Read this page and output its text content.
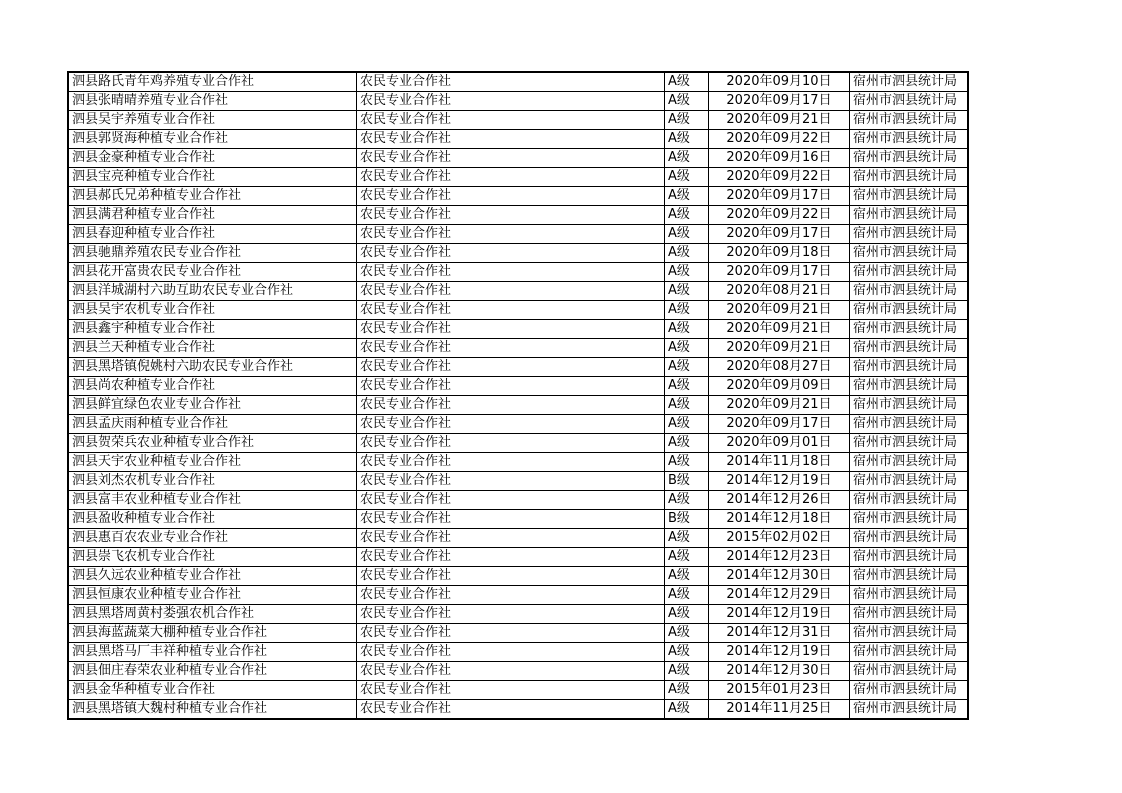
泗县路氏青年鸡养殖专业合作社	农民专业合作社	A级	2020年09月10日	宿州市泗县统计局
泗县张晴晴养殖专业合作社	农民专业合作社	A级	2020年09月17日	宿州市泗县统计局
泗县吴宇养殖专业合作社	农民专业合作社	A级	2020年09月21日	宿州市泗县统计局
泗县郭贤海种植专业合作社	农民专业合作社	A级	2020年09月22日	宿州市泗县统计局
泗县金豪种植专业合作社	农民专业合作社	A级	2020年09月16日	宿州市泗县统计局
泗县宝亮种植专业合作社	农民专业合作社	A级	2020年09月22日	宿州市泗县统计局
泗县郝氏兄弟种植专业合作社	农民专业合作社	A级	2020年09月17日	宿州市泗县统计局
泗县满君种植专业合作社	农民专业合作社	A级	2020年09月22日	宿州市泗县统计局
泗县春迎种植专业合作社	农民专业合作社	A级	2020年09月17日	宿州市泗县统计局
泗县驰鼎养殖农民专业合作社	农民专业合作社	A级	2020年09月18日	宿州市泗县统计局
泗县花开富贵农民专业合作社	农民专业合作社	A级	2020年09月17日	宿州市泗县统计局
泗县洋城湖村六助互助农民专业合作社	农民专业合作社	A级	2020年08月21日	宿州市泗县统计局
泗县吴宇农机专业合作社	农民专业合作社	A级	2020年09月21日	宿州市泗县统计局
泗县鑫宇种植专业合作社	农民专业合作社	A级	2020年09月21日	宿州市泗县统计局
泗县兰天种植专业合作社	农民专业合作社	A级	2020年09月21日	宿州市泗县统计局
泗县黑塔镇倪姚村六助农民专业合作社	农民专业合作社	A级	2020年08月27日	宿州市泗县统计局
泗县尚农种植专业合作社	农民专业合作社	A级	2020年09月09日	宿州市泗县统计局
泗县鲜宜绿色农业专业合作社	农民专业合作社	A级	2020年09月21日	宿州市泗县统计局
泗县孟庆雨种植专业合作社	农民专业合作社	A级	2020年09月17日	宿州市泗县统计局
泗县贺荣兵农业种植专业合作社	农民专业合作社	A级	2020年09月01日	宿州市泗县统计局
泗县天宇农业种植专业合作社	农民专业合作社	A级	2014年11月18日	宿州市泗县统计局
泗县刘杰农机专业合作社	农民专业合作社	B级	2014年12月19日	宿州市泗县统计局
泗县富丰农业种植专业合作社	农民专业合作社	A级	2014年12月26日	宿州市泗县统计局
泗县盈收种植专业合作社	农民专业合作社	B级	2014年12月18日	宿州市泗县统计局
泗县惠百农农业专业合作社	农民专业合作社	A级	2015年02月02日	宿州市泗县统计局
泗县崇飞农机专业合作社	农民专业合作社	A级	2014年12月23日	宿州市泗县统计局
泗县久远农业种植专业合作社	农民专业合作社	A级	2014年12月30日	宿州市泗县统计局
泗县恒康农业种植专业合作社	农民专业合作社	A级	2014年12月29日	宿州市泗县统计局
泗县黑塔周黄村娄强农机合作社	农民专业合作社	A级	2014年12月19日	宿州市泗县统计局
泗县海蓝蔬菜大棚种植专业合作社	农民专业合作社	A级	2014年12月31日	宿州市泗县统计局
泗县黑塔马厂丰祥种植专业合作社	农民专业合作社	A级	2014年12月19日	宿州市泗县统计局
泗县佃庄春荣农业种植专业合作社	农民专业合作社	A级	2014年12月30日	宿州市泗县统计局
泗县金华种植专业合作社	农民专业合作社	A级	2015年01月23日	宿州市泗县统计局
泗县黑塔镇大魏村种植专业合作社	农民专业合作社	A级	2014年11月25日	宿州市泗县统计局
